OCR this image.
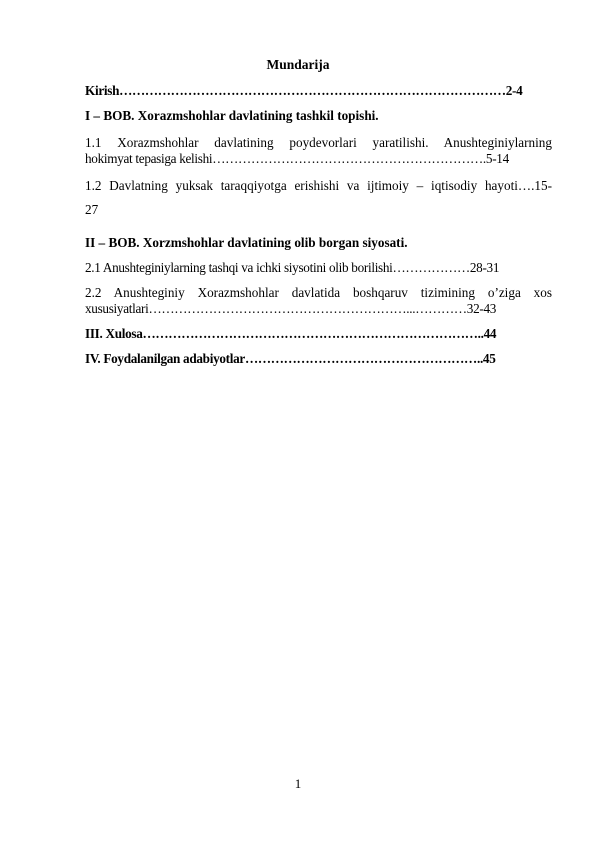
Mundarija
Kirish………………………………………………………………………………2-4
I – BOB. Xorazmshohlar davlatining tashkil topishi.
1.1 Xorazmshohlar davlatining poydevorlari yaratilishi. Anushteginiylarning
hokimyat tepasiga kelishi……………………………………………………….5-14
1.2 Davlatning yuksak taraqqiyotga erishishi va ijtimoiy – iqtisodiy hayoti….15-
27
II – BOB. Xorzmshohlar davlatining olib borgan siyosati.
2.1 Anushteginiylarning tashqi va ichki siysotini olib borilishi………………28-31
2.2 Anushteginiy Xorazmshohlar davlatida boshqaruv tizimining o’ziga xos
xususiyatlari……………………………………………………...…………32-43
III. Xulosa……………………………………………………………………..44
IV. Foydalanilgan adabiyotlar………………………………………………..45
1
